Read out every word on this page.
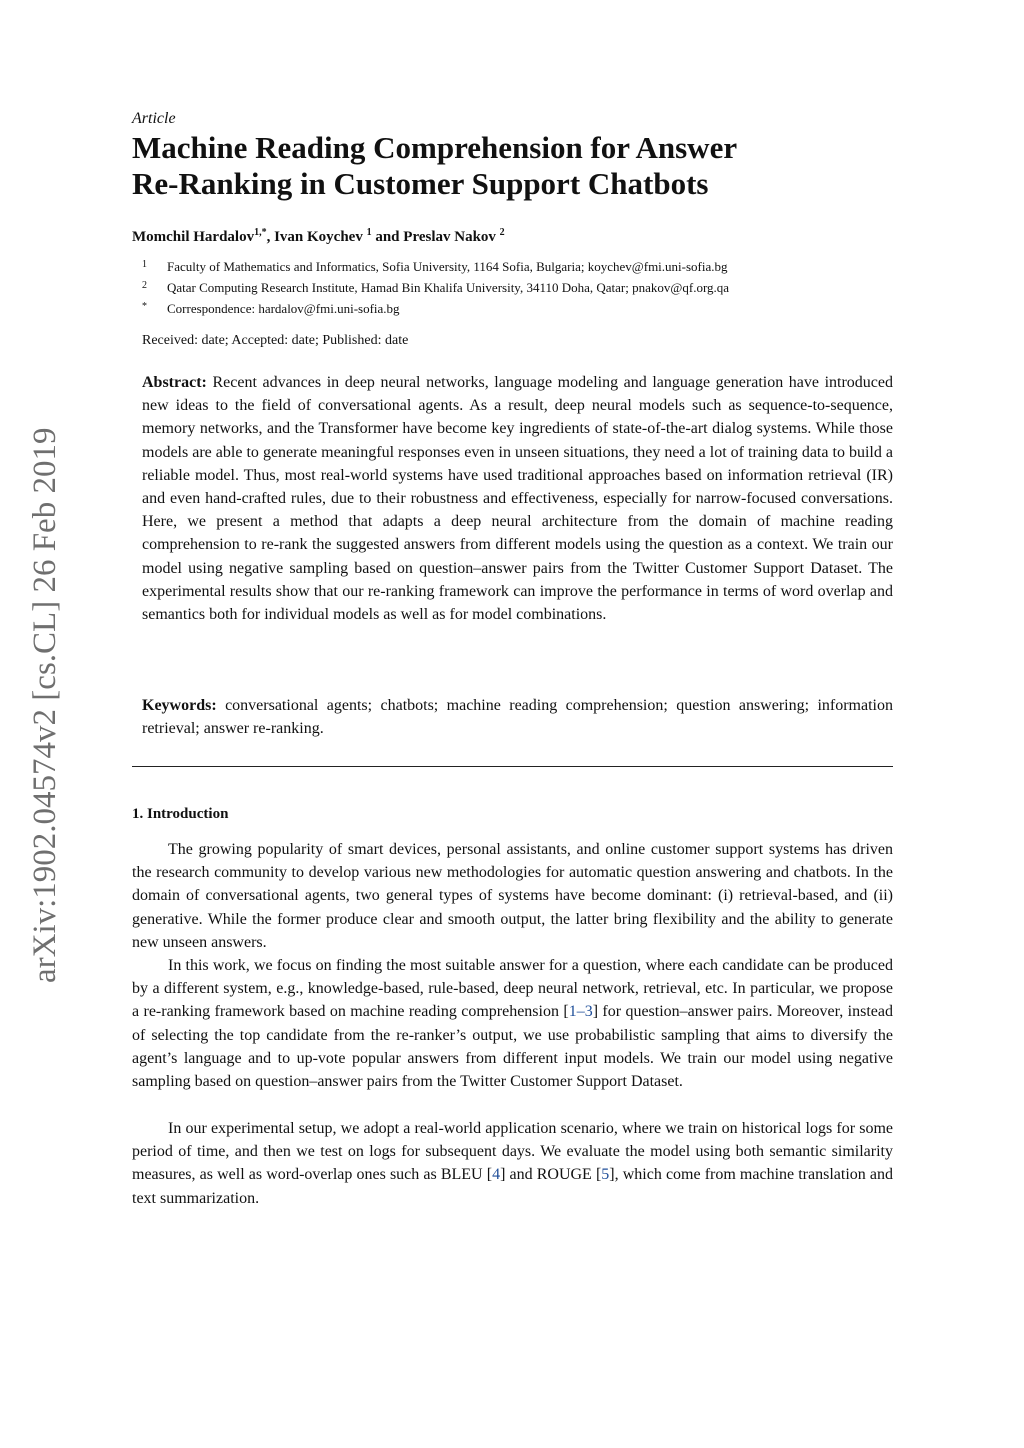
arXiv:1902.04574v2 [cs.CL] 26 Feb 2019
Article
Machine Reading Comprehension for Answer
Re-Ranking in Customer Support Chatbots
Momchil Hardalov$^{1,*}$, Ivan Koychev $^1$ and Preslav Nakov $^2$
1 Faculty of Mathematics and Informatics, Sofia University, 1164 Sofia, Bulgaria; koychev@fmi.uni-sofia.bg
2 Qatar Computing Research Institute, Hamad Bin Khalifa University, 34110 Doha, Qatar; pnakov@qf.org.qa
* Correspondence: hardalov@fmi.uni-sofia.bg
Received: date; Accepted: date; Published: date

Abstract: Recent advances in deep neural networks, language modeling and language generation have introduced new ideas to the field of conversational agents. As a result, deep neural models such as sequence-to-sequence, memory networks, and the Transformer have become key ingredients of state-of-the-art dialog systems. While those models are able to generate meaningful responses even in unseen situations, they need a lot of training data to build a reliable model. Thus, most real-world systems have used traditional approaches based on information retrieval (IR) and even hand-crafted rules, due to their robustness and effectiveness, especially for narrow-focused conversations. Here, we present a method that adapts a deep neural architecture from the domain of machine reading comprehension to re-rank the suggested answers from different models using the question as a context. We train our model using negative sampling based on question–answer pairs from the Twitter Customer Support Dataset. The experimental results show that our re-ranking framework can improve the performance in terms of word overlap and semantics both for individual models as well as for model combinations.

Keywords: conversational agents; chatbots; machine reading comprehension; question answering; information retrieval; answer re-ranking.

1. Introduction

The growing popularity of smart devices, personal assistants, and online customer support systems has driven the research community to develop various new methodologies for automatic question answering and chatbots. In the domain of conversational agents, two general types of systems have become dominant: (i) retrieval-based, and (ii) generative. While the former produce clear and smooth output, the latter bring flexibility and the ability to generate new unseen answers.

In this work, we focus on finding the most suitable answer for a question, where each candidate can be produced by a different system, e.g., knowledge-based, rule-based, deep neural network, retrieval, etc. In particular, we propose a re-ranking framework based on machine reading comprehension [1–3] for question–answer pairs. Moreover, instead of selecting the top candidate from the re-ranker’s output, we use probabilistic sampling that aims to diversify the agent’s language and to up-vote popular answers from different input models. We train our model using negative sampling based on question–answer pairs from the Twitter Customer Support Dataset.

In our experimental setup, we adopt a real-world application scenario, where we train on historical logs for some period of time, and then we test on logs for subsequent days. We evaluate the model using both semantic similarity measures, as well as word-overlap ones such as BLEU [4] and ROUGE [5], which come from machine translation and text summarization.
